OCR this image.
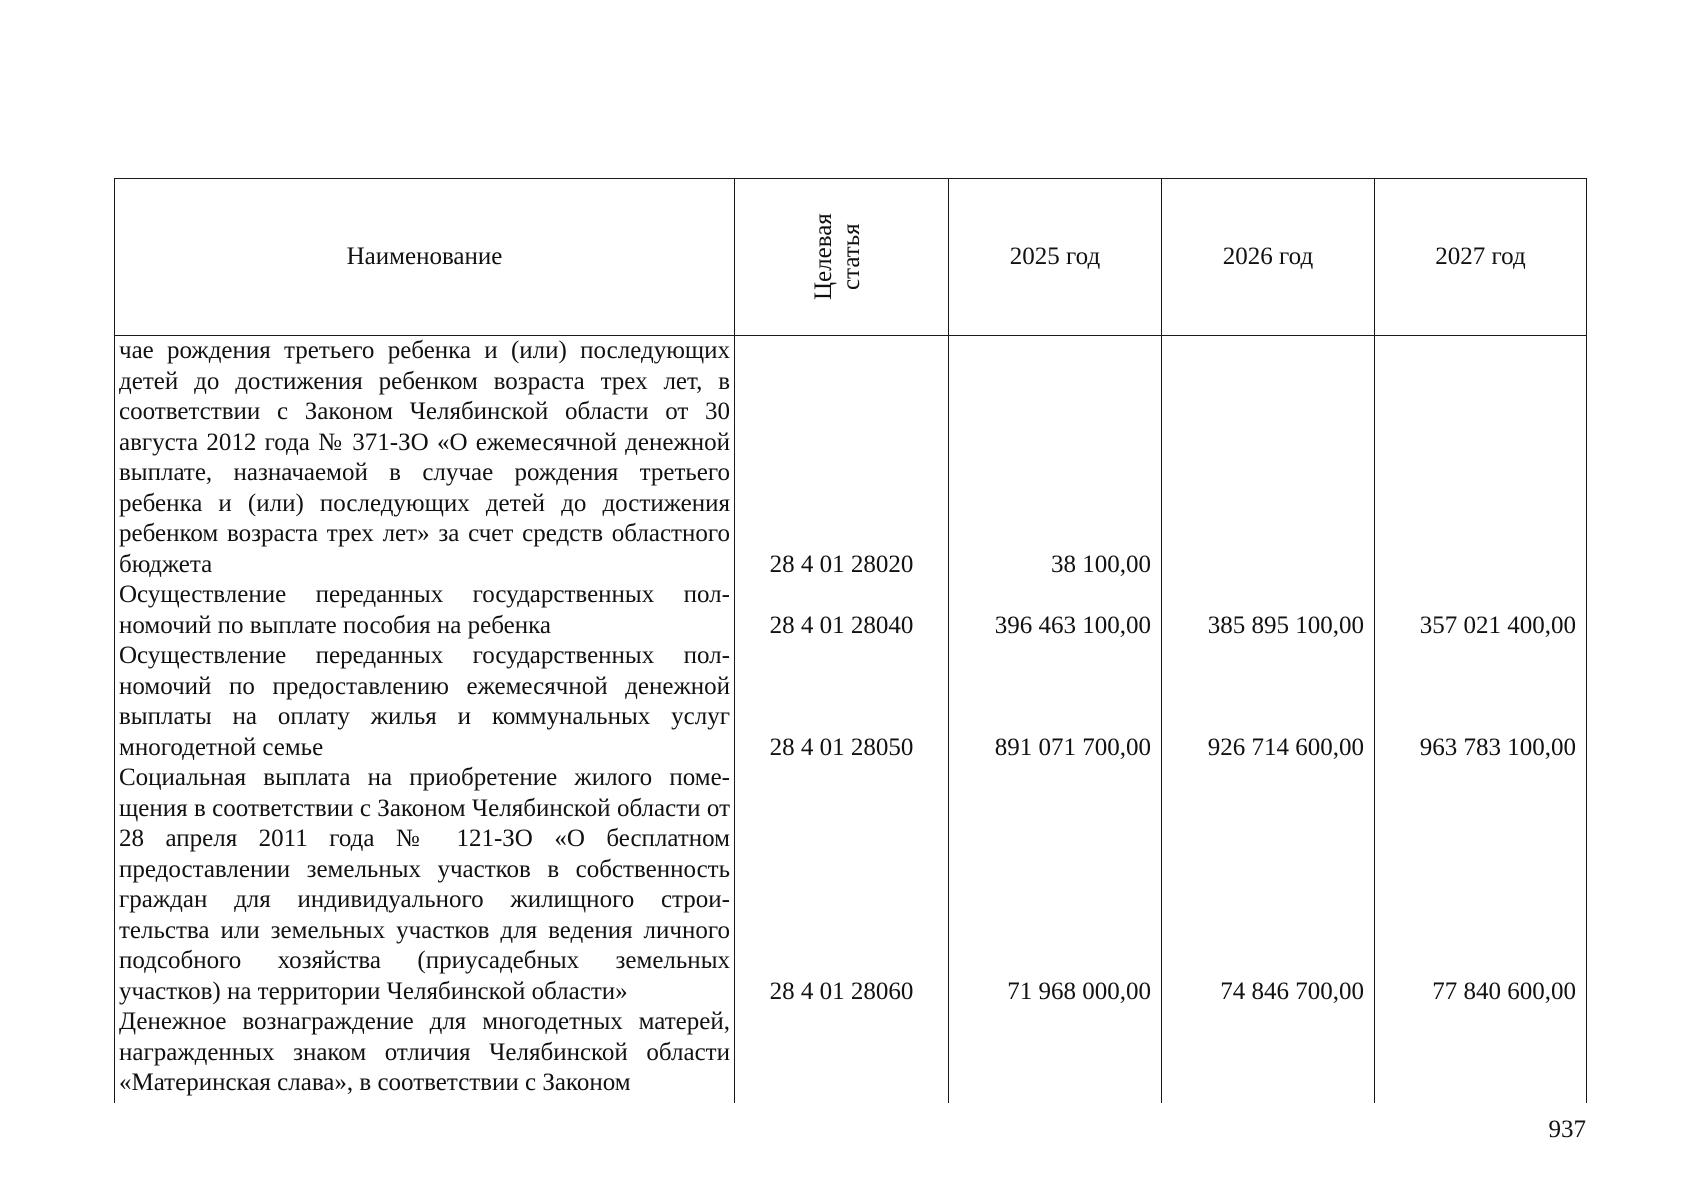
Наименование	Целевая статья	2025 год	2026 год	2027 год
чае рождения третьего ребенка и (или) последующих детей до достижения ребенком возраста трех лет, в соответствии с Законом Челябинской области от 30 августа 2012 года № 371-ЗО «О ежемесячной денежной выплате, назначаемой в случае рождения третьего ребенка и (или) последующих детей до достижения ребенком возраста трех лет» за счет средств областного бюджета	28 4 01 28020	38 100,00		
Осуществление переданных государственных полномочий по выплате пособия на ребенка	28 4 01 28040	396 463 100,00	385 895 100,00	357 021 400,00
Осуществление переданных государственных полномочий по предоставлению ежемесячной денежной выплаты на оплату жилья и коммунальных услуг многодетной семье	28 4 01 28050	891 071 700,00	926 714 600,00	963 783 100,00
Социальная выплата на приобретение жилого помещения в соответствии с Законом Челябинской области от 28 апреля 2011 года № 121-ЗО «О бесплатном предоставлении земельных участков в собственность граждан для индивидуального жилищного строительства или земельных участков для ведения личного подсобного хозяйства (приусадебных земельных участков) на территории Челябинской области»	28 4 01 28060	71 968 000,00	74 846 700,00	77 840 600,00
Денежное вознаграждение для многодетных матерей, награжденных знаком отличия Челябинской области «Материнская слава», в соответствии с Законом				
937
